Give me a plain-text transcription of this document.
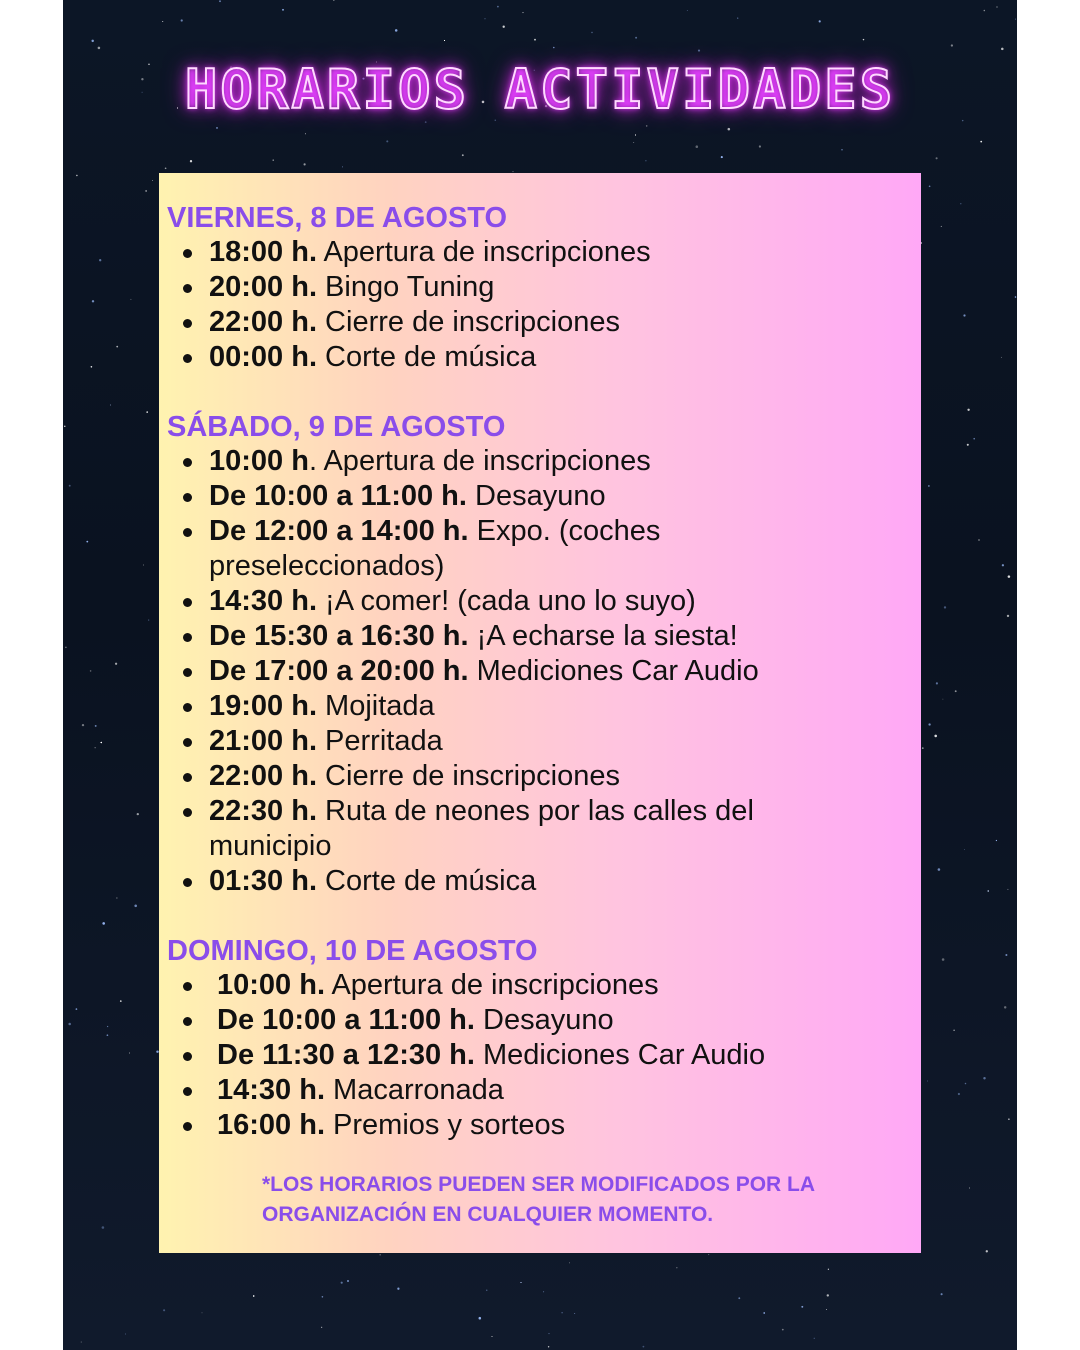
HORARIOS ACTIVIDADES
VIERNES, 8 DE AGOSTO
18:00 h. Apertura de inscripciones
20:00 h. Bingo Tuning
22:00 h. Cierre de inscripciones
00:00 h. Corte de música
SÁBADO, 9 DE AGOSTO
10:00 h. Apertura de inscripciones
De 10:00 a 11:00 h. Desayuno
De 12:00 a 14:00 h. Expo. (coches preseleccionados)
14:30 h. ¡A comer! (cada uno lo suyo)
De 15:30 a 16:30 h. ¡A echarse la siesta!
De 17:00 a 20:00 h. Mediciones Car Audio
19:00 h. Mojitada
21:00 h. Perritada
22:00 h. Cierre de inscripciones
22:30 h. Ruta de neones por las calles del municipio
01:30 h. Corte de música
DOMINGO, 10 DE AGOSTO
10:00 h. Apertura de inscripciones
De 10:00 a 11:00 h. Desayuno
De 11:30 a 12:30 h. Mediciones Car Audio
14:30 h. Macarronada
16:00 h. Premios y sorteos

*LOS HORARIOS PUEDEN SER MODIFICADOS POR LA ORGANIZACIÓN EN CUALQUIER MOMENTO.
